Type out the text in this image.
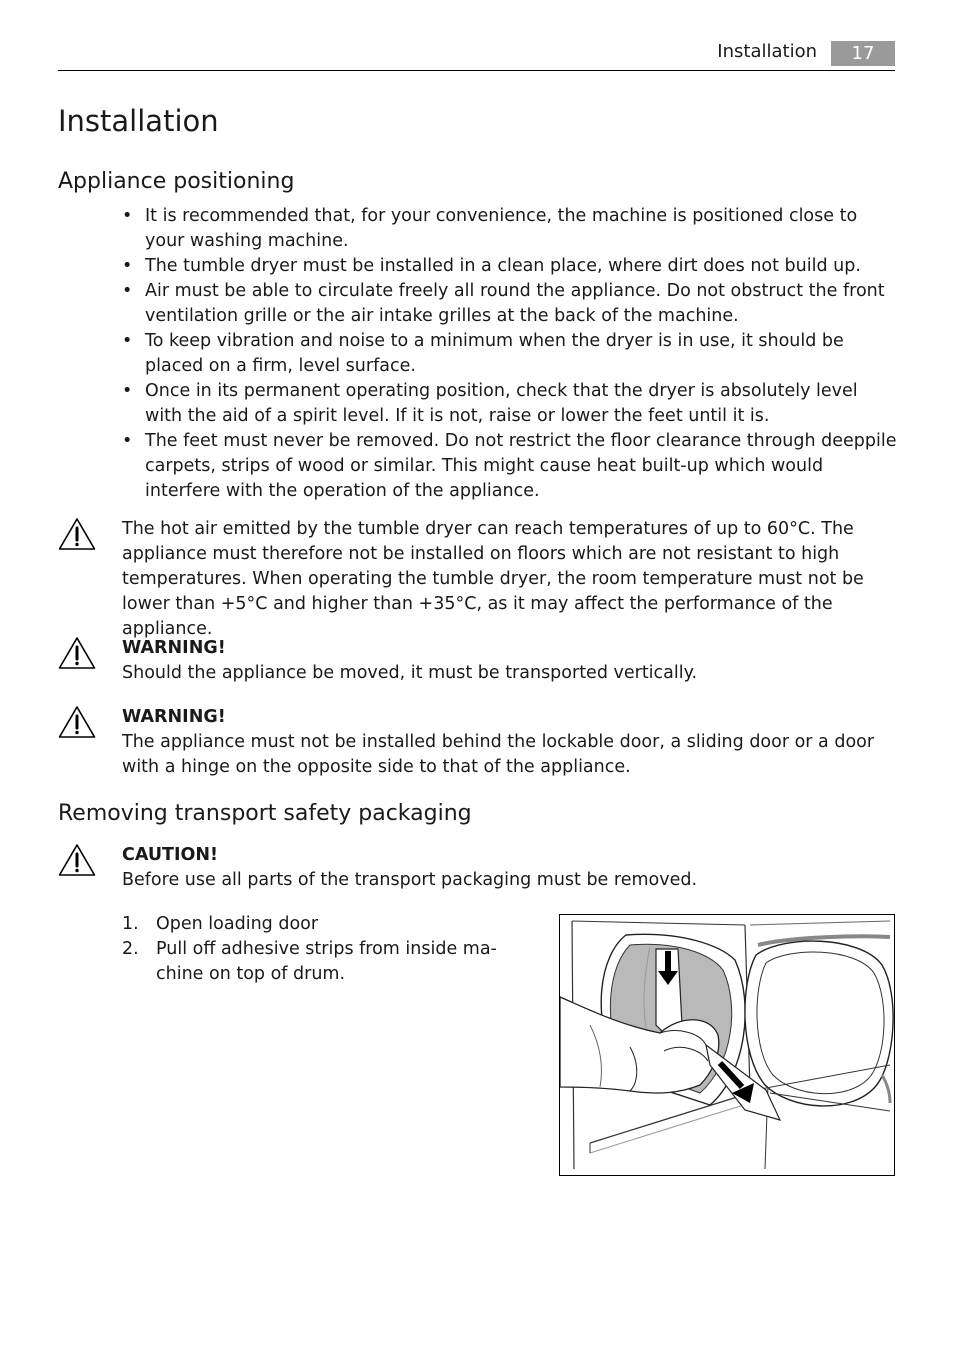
Installation	17
Installation
Appliance positioning
• It is recommended that, for your convenience, the machine is positioned close to your washing machine.
• The tumble dryer must be installed in a clean place, where dirt does not build up.
• Air must be able to circulate freely all round the appliance. Do not obstruct the front ventilation grille or the air intake grilles at the back of the machine.
• To keep vibration and noise to a minimum when the dryer is in use, it should be placed on a firm, level surface.
• Once in its permanent operating position, check that the dryer is absolutely level with the aid of a spirit level. If it is not, raise or lower the feet until it is.
• The feet must never be removed. Do not restrict the floor clearance through deeppile carpets, strips of wood or similar. This might cause heat built-up which would interfere with the operation of the appliance.
The hot air emitted by the tumble dryer can reach temperatures of up to 60°C. The appliance must therefore not be installed on floors which are not resistant to high temperatures. When operating the tumble dryer, the room temperature must not be lower than +5°C and higher than +35°C, as it may affect the performance of the appliance.
WARNING!
Should the appliance be moved, it must be transported vertically.
WARNING!
The appliance must not be installed behind the lockable door, a sliding door or a door with a hinge on the opposite side to that of the appliance.
Removing transport safety packaging
CAUTION!
Before use all parts of the transport packaging must be removed.
1. Open loading door
2. Pull off adhesive strips from inside ma-chine on top of drum.
